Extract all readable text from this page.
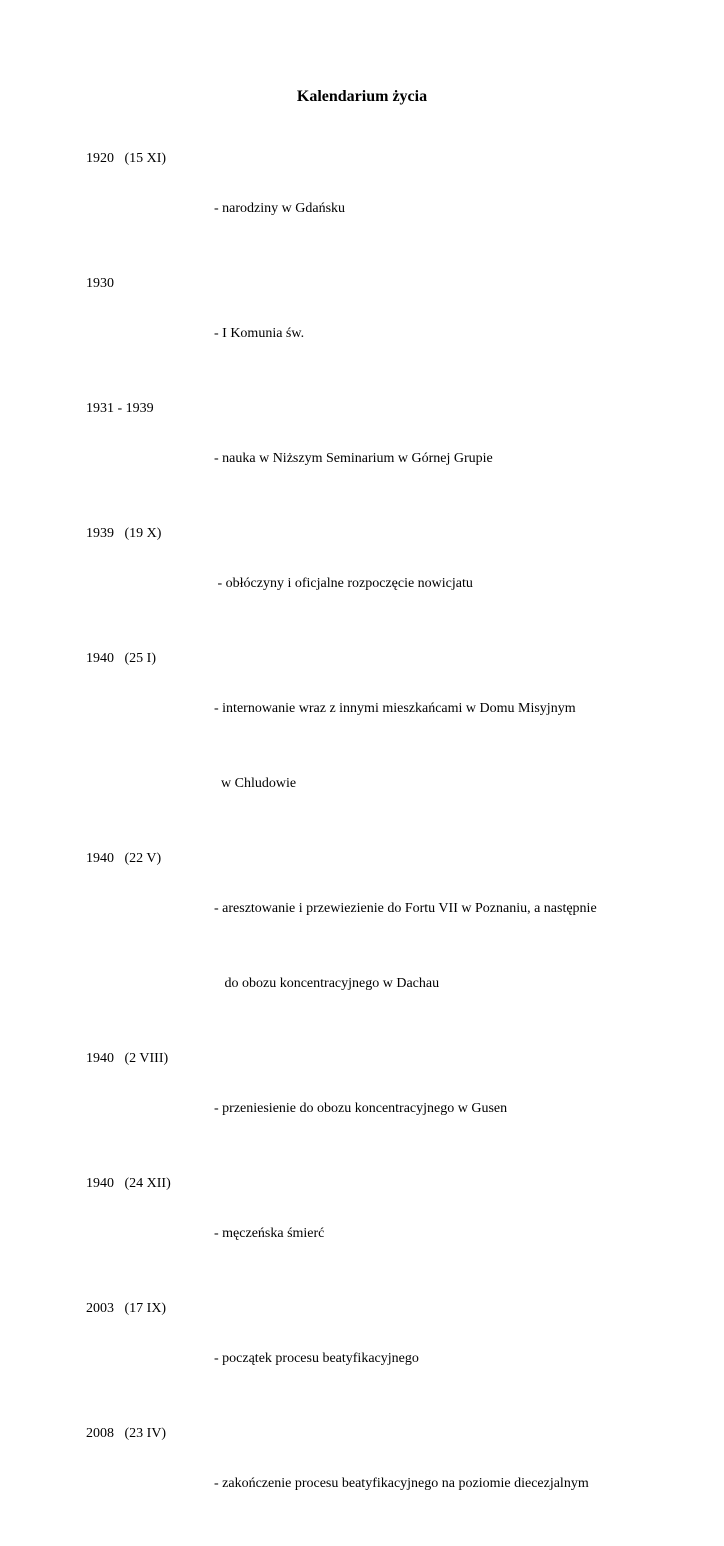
Kalendarium życia
1920   (15 XI)

- narodziny w Gdańsku

1930

- I Komunia św.

1931 - 1939

- nauka w Niższym Seminarium w Górnej Grupie

1939   (19 X)

- obłóczyny i oficjalne rozpoczęcie nowicjatu

1940   (25 I)

- internowanie wraz z innymi mieszkańcami w Domu Misyjnym

w Chludowie

1940   (22 V)

- aresztowanie i przewiezienie do Fortu VII w Poznaniu, a następnie

do obozu koncentracyjnego w Dachau

1940   (2 VIII)

- przeniesienie do obozu koncentracyjnego w Gusen

1940   (24 XII)

- męczeńska śmierć

2003   (17 IX)

- początek procesu beatyfikacyjnego

2008   (23 IV)

- zakończenie procesu beatyfikacyjnego na poziomie diecezjalnym
